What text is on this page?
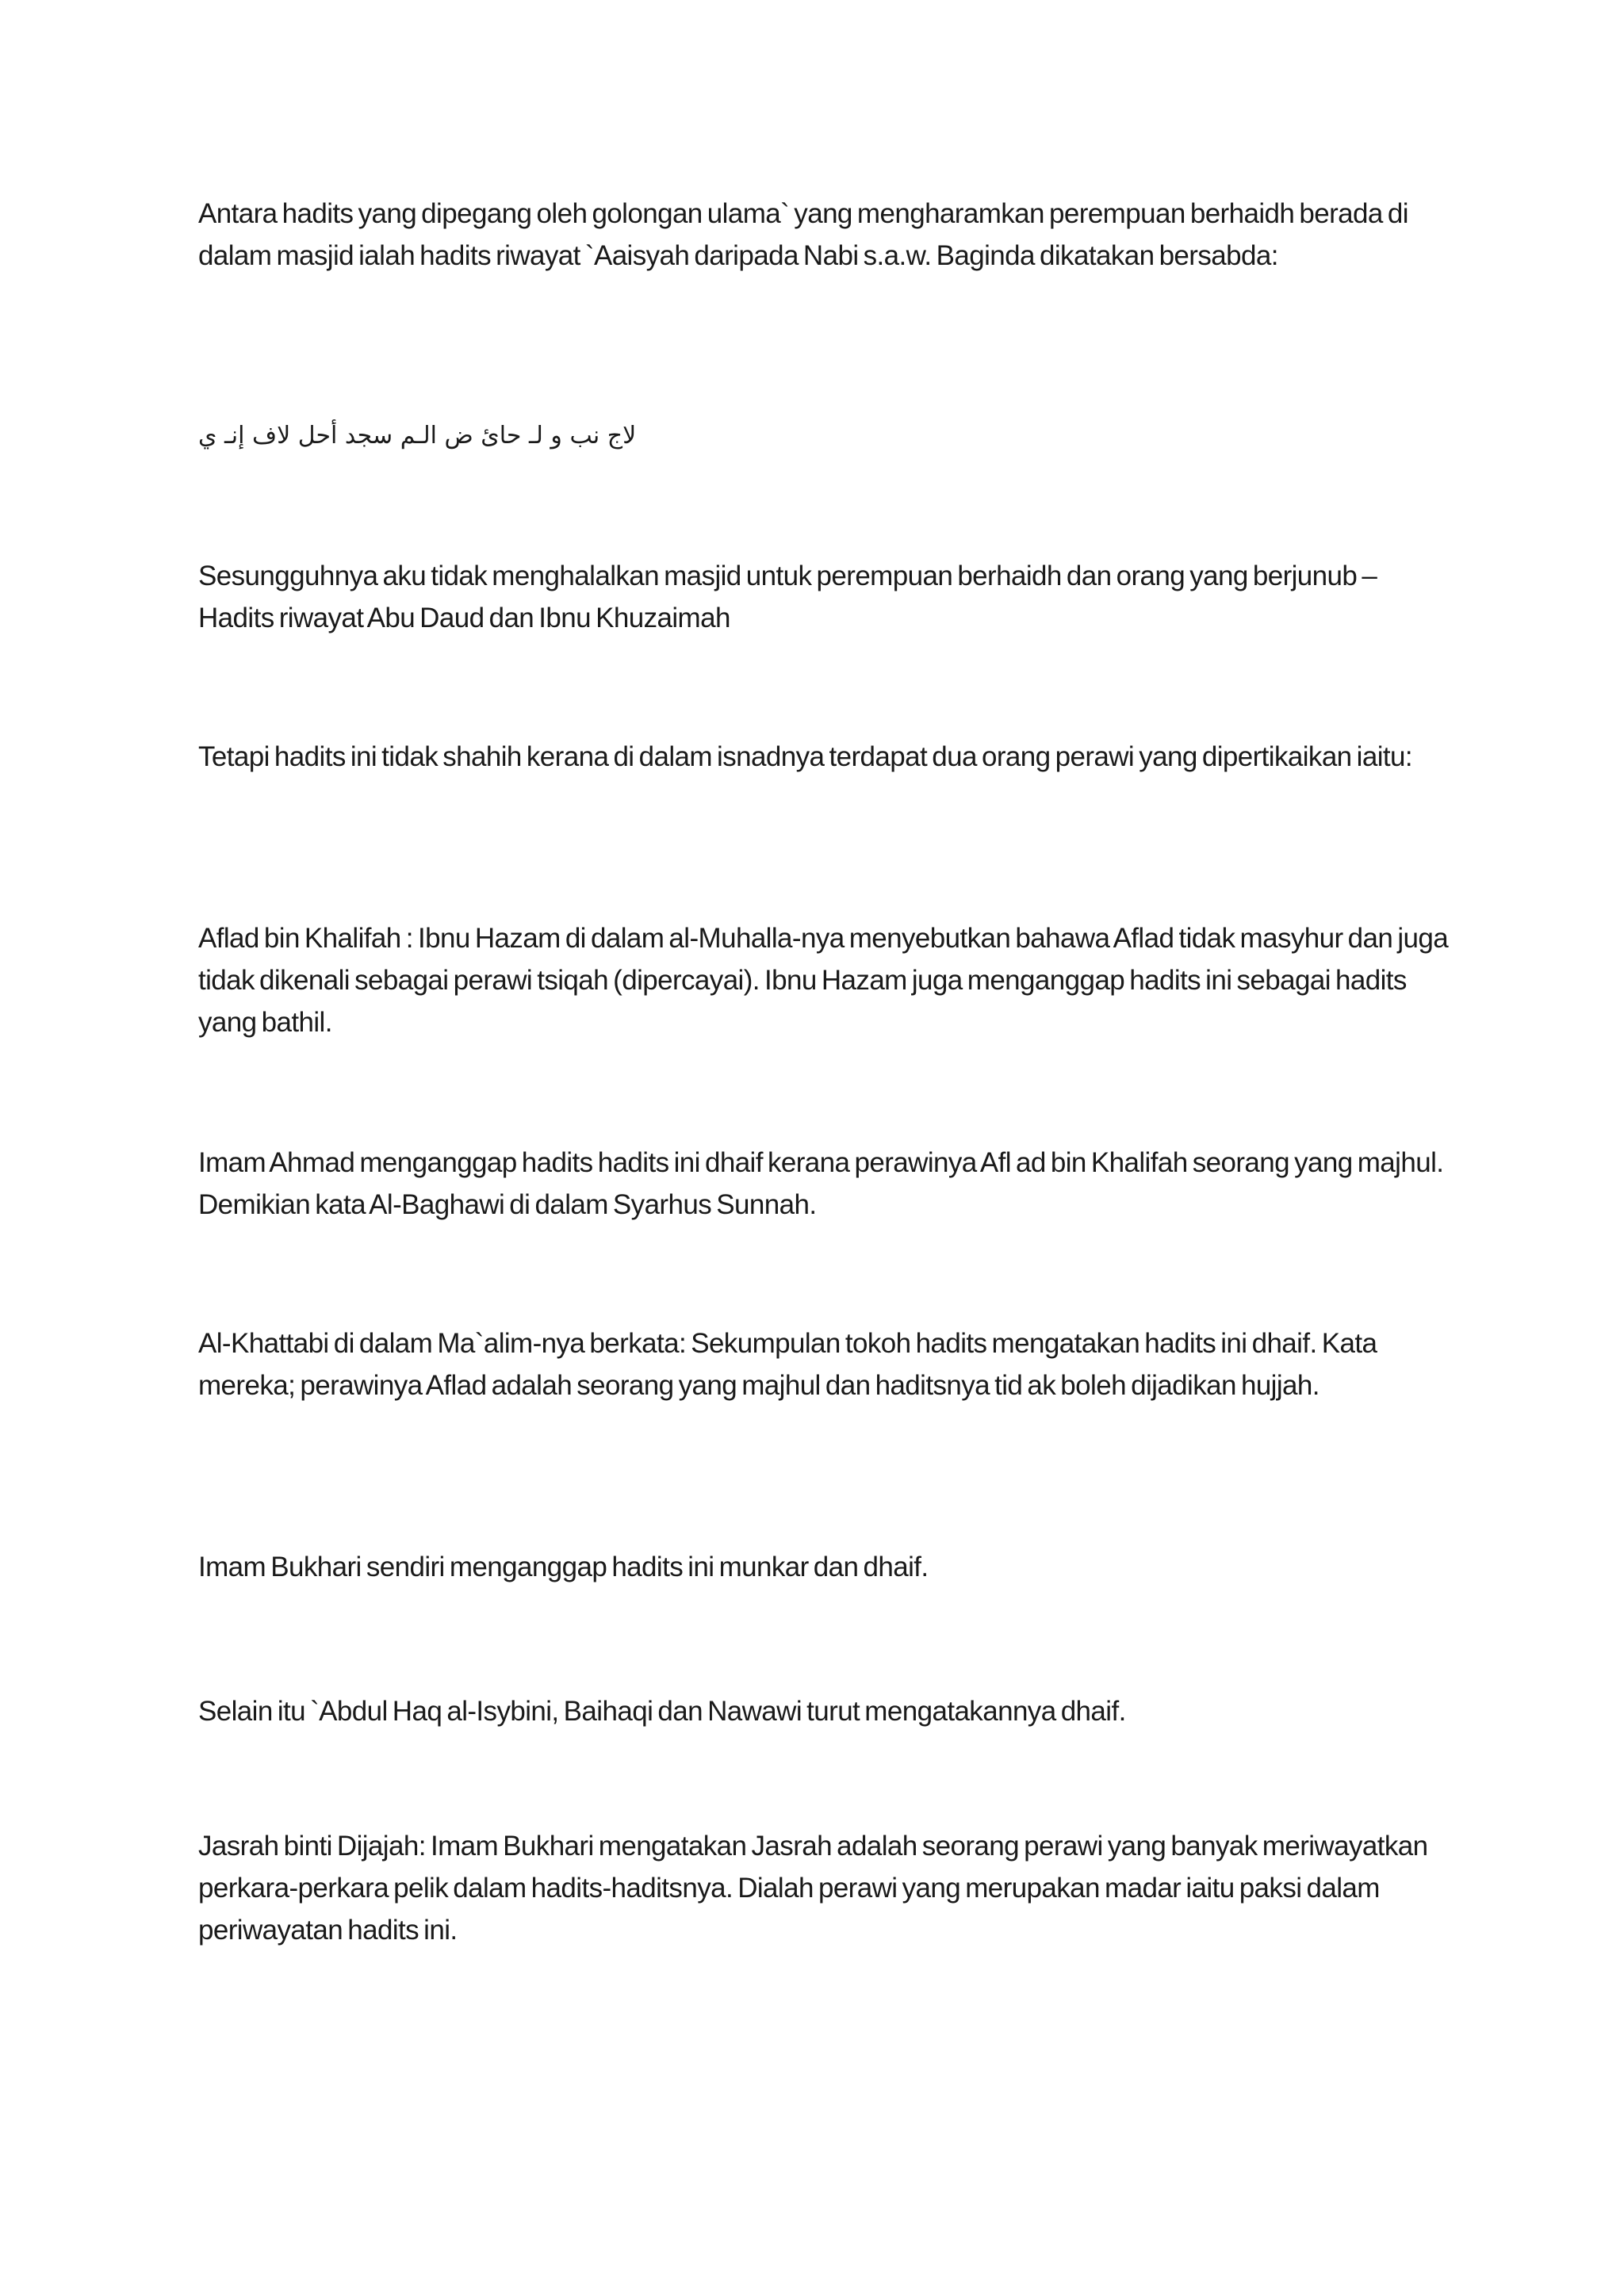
Antara hadits yang dipegang oleh golongan ulama` yang mengharamkan perempuan berhaidh berada di dalam masjid ialah hadits riwayat `Aaisyah daripada Nabi s.a.w. Baginda dikatakan bersabda:

لاج نب و لـ حائ ض الـم سجد أحل لاف إنـ ي

Sesungguhnya aku tidak menghalalkan masjid untuk perempuan berhaidh dan orang yang berjunub – Hadits riwayat Abu Daud dan Ibnu Khuzaimah

Tetapi hadits ini tidak shahih kerana di dalam isnadnya terdapat dua orang perawi yang dipertikaikan iaitu:

Aflad bin Khalifah : Ibnu Hazam di dalam al-Muhalla-nya menyebutkan bahawa Aflad tidak masyhur dan juga tidak dikenali sebagai perawi tsiqah (dipercayai). Ibnu Hazam juga menganggap hadits ini sebagai hadits yang bathil.

Imam Ahmad menganggap hadits hadits ini dhaif kerana perawinya Afl ad bin Khalifah seorang yang majhul. Demikian kata Al-Baghawi di dalam Syarhus Sunnah.

Al-Khattabi di dalam Ma`alim-nya berkata: Sekumpulan tokoh hadits mengatakan hadits ini dhaif. Kata mereka; perawinya Aflad adalah seorang yang majhul dan haditsnya tid ak boleh dijadikan hujjah.

Imam Bukhari sendiri menganggap hadits ini munkar dan dhaif.

Selain itu `Abdul Haq al-Isybini, Baihaqi dan Nawawi turut mengatakannya dhaif.

Jasrah binti Dijajah: Imam Bukhari mengatakan Jasrah adalah seorang perawi yang banyak meriwayatkan perkara-perkara pelik dalam hadits-haditsnya. Dialah perawi yang merupakan madar iaitu paksi dalam periwayatan hadits ini.
